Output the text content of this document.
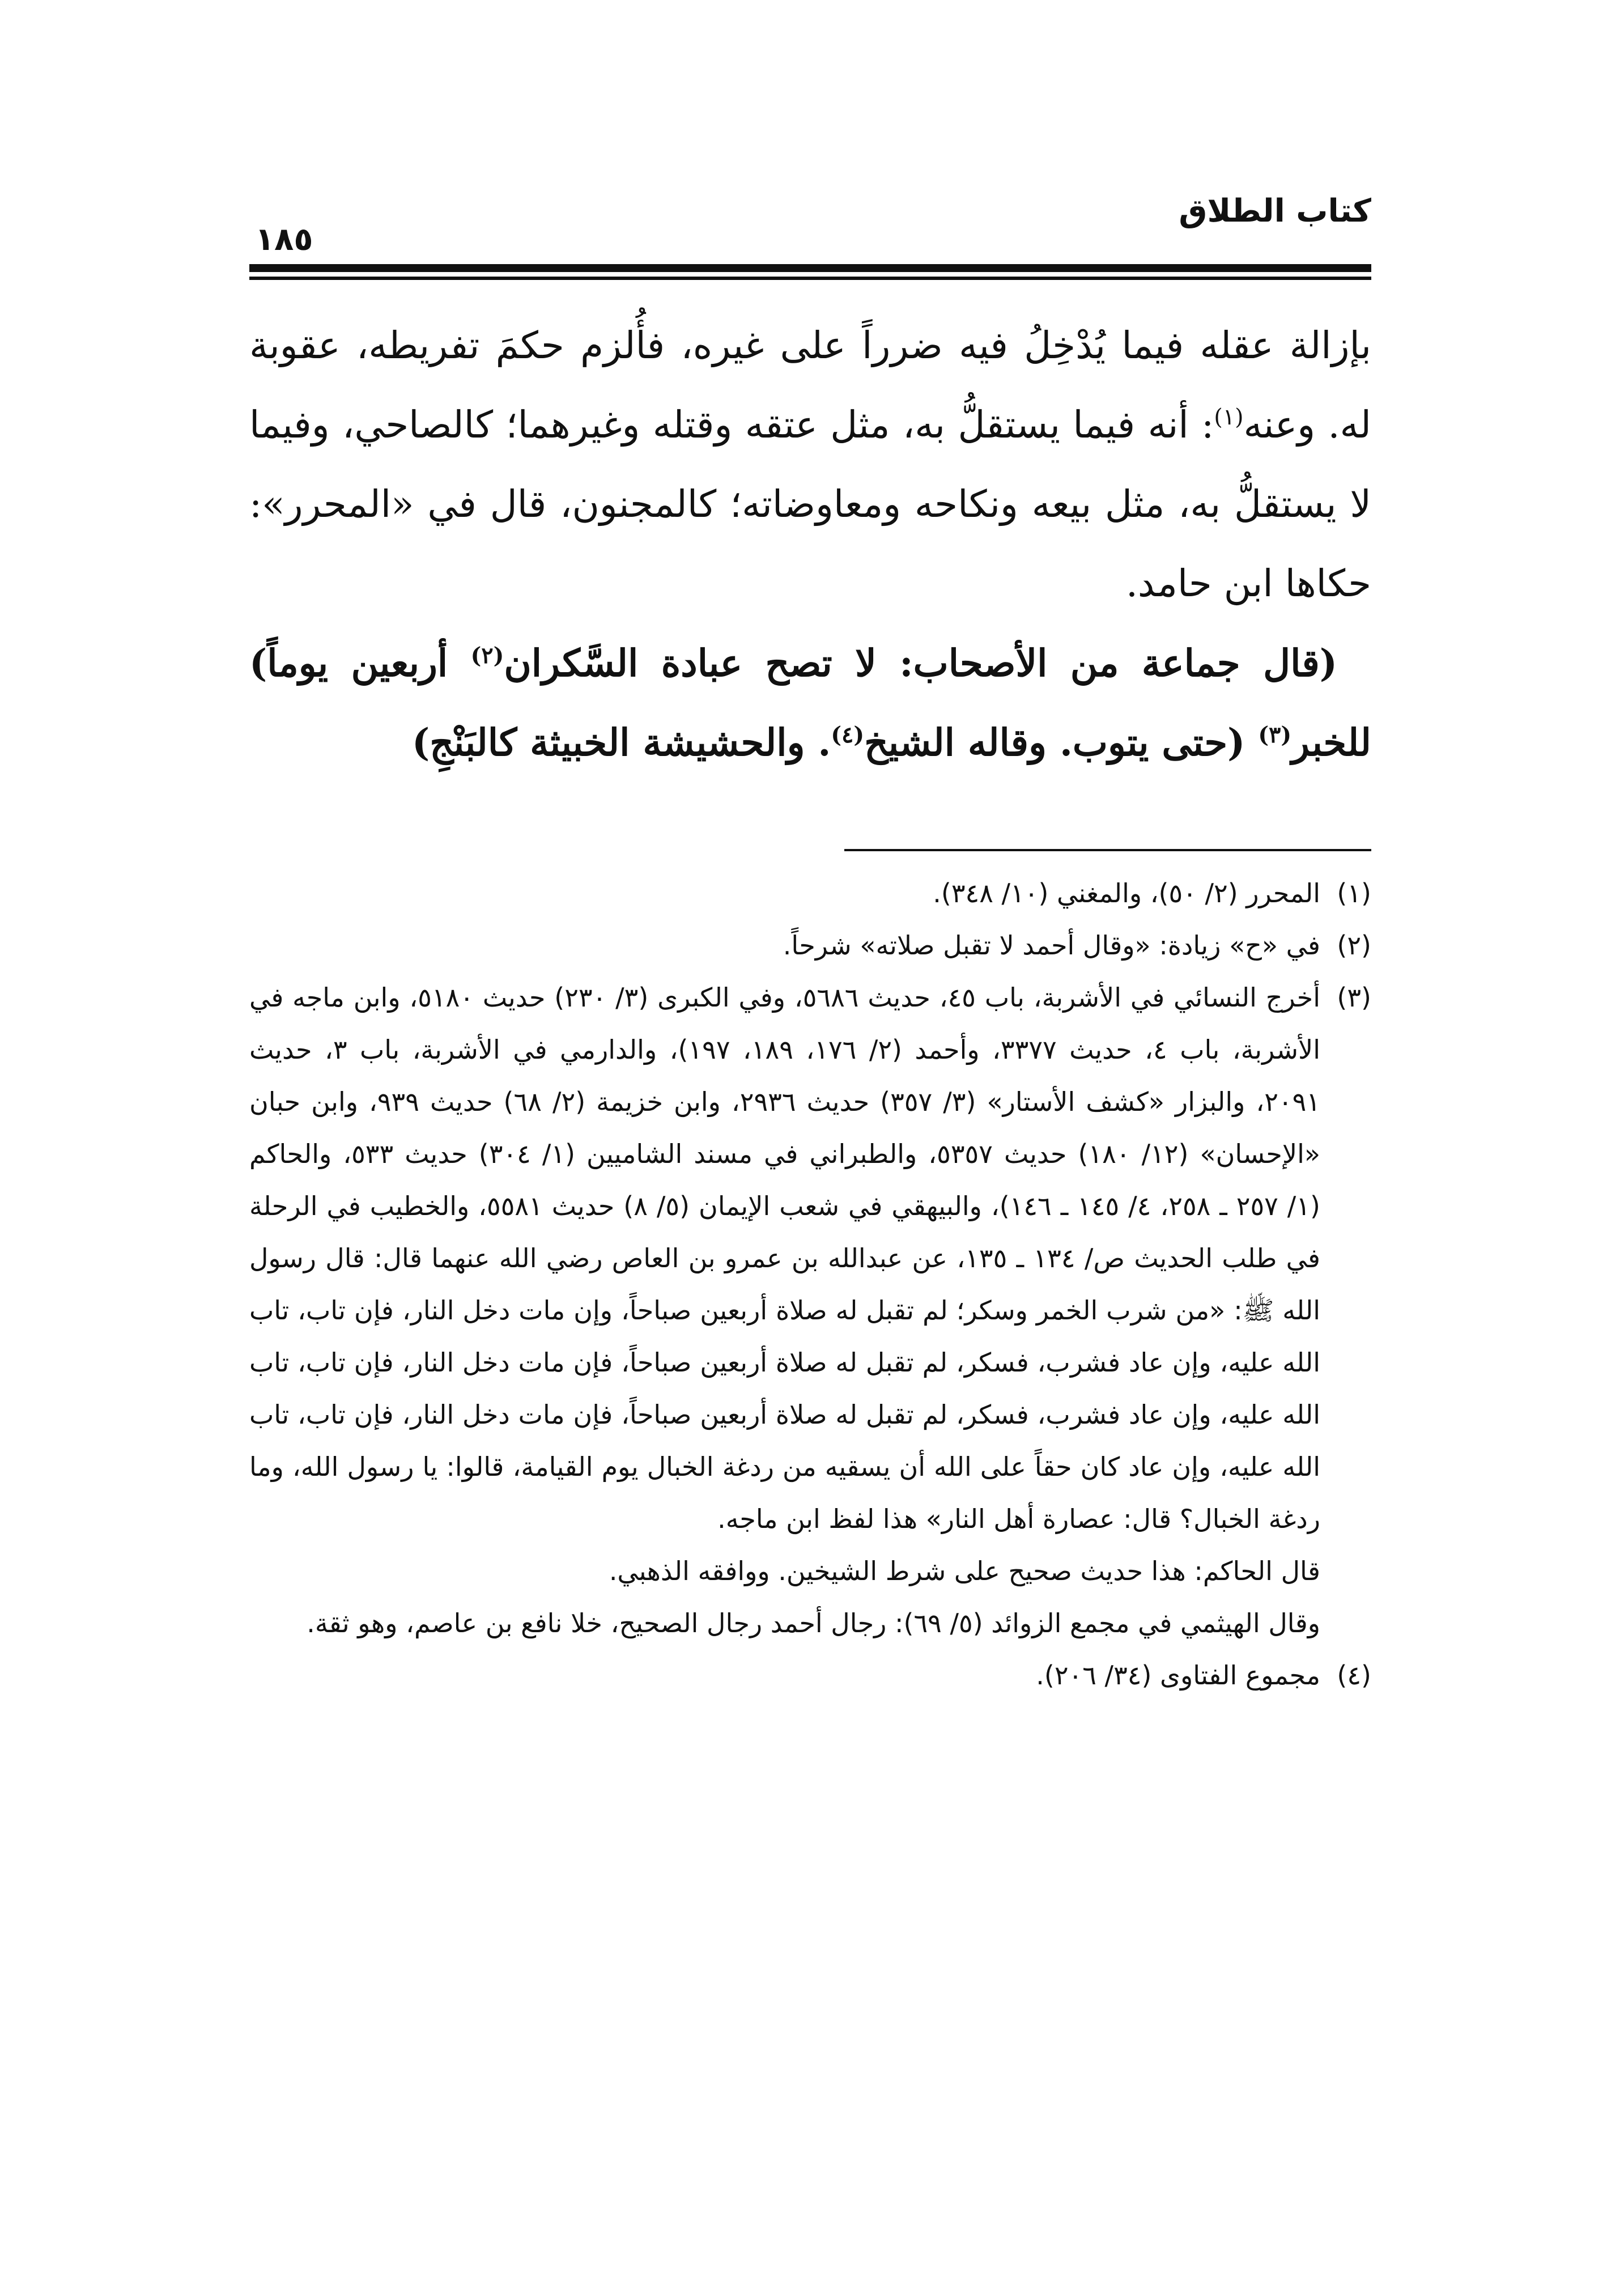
كتاب الطلاق
١٨٥

بإزالة عقله فيما يُدْخِلُ فيه ضرراً على غيره، فأُلزم حكمَ تفريطه، عقوبة له. وعنه$^{(١)}$: أنه فيما يستقلُّ به، مثل عتقه وقتله وغيرهما؛ كالصاحي، وفيما لا يستقلُّ به، مثل بيعه ونكاحه ومعاوضاته؛ كالمجنون، قال في «المحرر»: حكاها ابن حامد.

(قال جماعة من الأصحاب: لا تصح عبادة السَّكران$^{(٢)}$ أربعين يوماً) للخبر$^{(٣)}$ (حتى يتوب. وقاله الشيخ$^{(٤)}$. والحشيشة الخبيثة كالبَنْجِ)

(١)
المحرر (٢/ ٥٠)، والمغني (١٠/ ٣٤٨).

(٢)
في «ح» زيادة: «وقال أحمد لا تقبل صلاته» شرحاً.

(٣)
أخرج النسائي في الأشربة، باب ٤٥، حديث ٥٦٨٦، وفي الكبرى (٣/ ٢٣٠) حديث ٥١٨٠، وابن ماجه في الأشربة، باب ٤، حديث ٣٣٧٧، وأحمد (٢/ ١٧٦، ١٨٩، ١٩٧)، والدارمي في الأشربة، باب ٣، حديث ٢٠٩١، والبزار «كشف الأستار» (٣/ ٣٥٧) حديث ٢٩٣٦، وابن خزيمة (٢/ ٦٨) حديث ٩٣٩، وابن حبان «الإحسان» (١٢/ ١٨٠) حديث ٥٣٥٧، والطبراني في مسند الشاميين (١/ ٣٠٤) حديث ٥٣٣، والحاكم (١/ ٢٥٧ ـ ٢٥٨، ٤/ ١٤٥ ـ ١٤٦)، والبيهقي في شعب الإيمان (٥/ ٨) حديث ٥٥٨١، والخطيب في الرحلة في طلب الحديث ص/ ١٣٤ ـ ١٣٥، عن عبدالله بن عمرو بن العاص رضي الله عنهما قال: قال رسول الله ﷺ: «من شرب الخمر وسكر؛ لم تقبل له صلاة أربعين صباحاً، وإن مات دخل النار، فإن تاب، تاب الله عليه، وإن عاد فشرب، فسكر، لم تقبل له صلاة أربعين صباحاً، فإن مات دخل النار، فإن تاب، تاب الله عليه، وإن عاد فشرب، فسكر، لم تقبل له صلاة أربعين صباحاً، فإن مات دخل النار، فإن تاب، تاب الله عليه، وإن عاد كان حقاً على الله أن يسقيه من ردغة الخبال يوم القيامة، قالوا: يا رسول الله، وما ردغة الخبال؟ قال: عصارة أهل النار» هذا لفظ ابن ماجه.

قال الحاكم: هذا حديث صحيح على شرط الشيخين. ووافقه الذهبي.

وقال الهيثمي في مجمع الزوائد (٥/ ٦٩): رجال أحمد رجال الصحيح، خلا نافع بن عاصم، وهو ثقة.

(٤)
مجموع الفتاوى (٣٤/ ٢٠٦).
